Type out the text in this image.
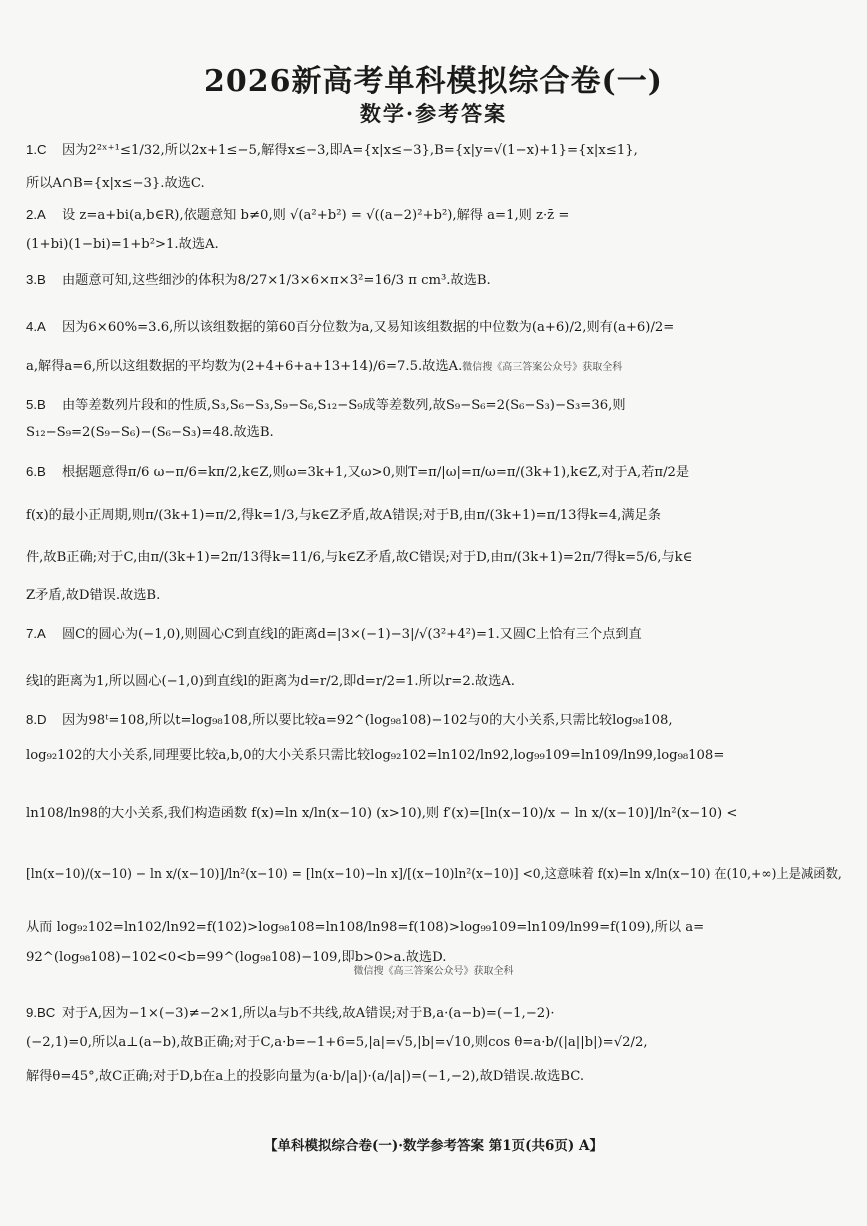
2026新高考单科模拟综合卷(一)
数学·参考答案
1.C 因为2²ˣ⁺¹≤1/32,所以2x+1≤−5,解得x≤−3,即A={x|x≤−3},B={x|y=√(1−x)+1}={x|x≤1},
所以A∩B={x|x≤−3}.故选C.
2.A 设 z=a+bi(a,b∈R),依题意知 b≠0,则 √(a²+b²) = √((a−2)²+b²),解得 a=1,则 z·z̄ =
(1+bi)(1−bi)=1+b²>1.故选A.
3.B 由题意可知,这些细沙的体积为8/27×1/3×6×π×3²=16/3 π cm³.故选B.
4.A 因为6×60%=3.6,所以该组数据的第60百分位数为a,又易知该组数据的中位数为(a+6)/2,则有(a+6)/2=
a,解得a=6,所以这组数据的平均数为(2+4+6+a+13+14)/6=7.5.故选A.微信搜《高三答案公众号》获取全科
5.B 由等差数列片段和的性质,S₃,S₆−S₃,S₉−S₆,S₁₂−S₉成等差数列,故S₉−S₆=2(S₆−S₃)−S₃=36,则
S₁₂−S₉=2(S₉−S₆)−(S₆−S₃)=48.故选B.
6.B 根据题意得π/6 ω−π/6=kπ/2,k∈Z,则ω=3k+1,又ω>0,则T=π/|ω|=π/ω=π/(3k+1),k∈Z,对于A,若π/2是
f(x)的最小正周期,则π/(3k+1)=π/2,得k=1/3,与k∈Z矛盾,故A错误;对于B,由π/(3k+1)=π/13得k=4,满足条
件,故B正确;对于C,由π/(3k+1)=2π/13得k=11/6,与k∈Z矛盾,故C错误;对于D,由π/(3k+1)=2π/7得k=5/6,与k∈
Z矛盾,故D错误.故选B.
7.A 圆C的圆心为(−1,0),则圆心C到直线l的距离d=|3×(−1)−3|/√(3²+4²)=1.又圆C上恰有三个点到直
线l的距离为1,所以圆心(−1,0)到直线l的距离为d=r/2,即d=r/2=1.所以r=2.故选A.
8.D 因为98ᵗ=108,所以t=log₉₈108,所以要比较a=92^(log₉₈108)−102与0的大小关系,只需比较log₉₈108,
log₉₂102的大小关系,同理要比较a,b,0的大小关系只需比较log₉₂102=ln102/ln92,log₉₉109=ln109/ln99,log₉₈108=
ln108/ln98的大小关系,我们构造函数 f(x)=ln x/ln(x−10) (x>10),则 f′(x)=[ln(x−10)/x − ln x/(x−10)]/ln²(x−10) <
[ln(x−10)/(x−10) − ln x/(x−10)]/ln²(x−10) = [ln(x−10)−ln x]/[(x−10)ln²(x−10)] <0,这意味着 f(x)=ln x/ln(x−10) 在(10,+∞)上是减函数,
从而 log₉₂102=ln102/ln92=f(102)>log₉₈108=ln108/ln98=f(108)>log₉₉109=ln109/ln99=f(109),所以 a=
92^(log₉₈108)−102<0<b=99^(log₉₈108)−109,即b>0>a.故选D.
微信搜《高三答案公众号》获取全科
9.BC 对于A,因为−1×(−3)≠−2×1,所以a与b不共线,故A错误;对于B,a·(a−b)=(−1,−2)·
(−2,1)=0,所以a⊥(a−b),故B正确;对于C,a·b=−1+6=5,|a|=√5,|b|=√10,则cos θ=a·b/(|a||b|)=√2/2,
解得θ=45°,故C正确;对于D,b在a上的投影向量为(a·b/|a|)·(a/|a|)=(−1,−2),故D错误.故选BC.
【单科模拟综合卷(一)·数学参考答案 第1页(共6页) A】
